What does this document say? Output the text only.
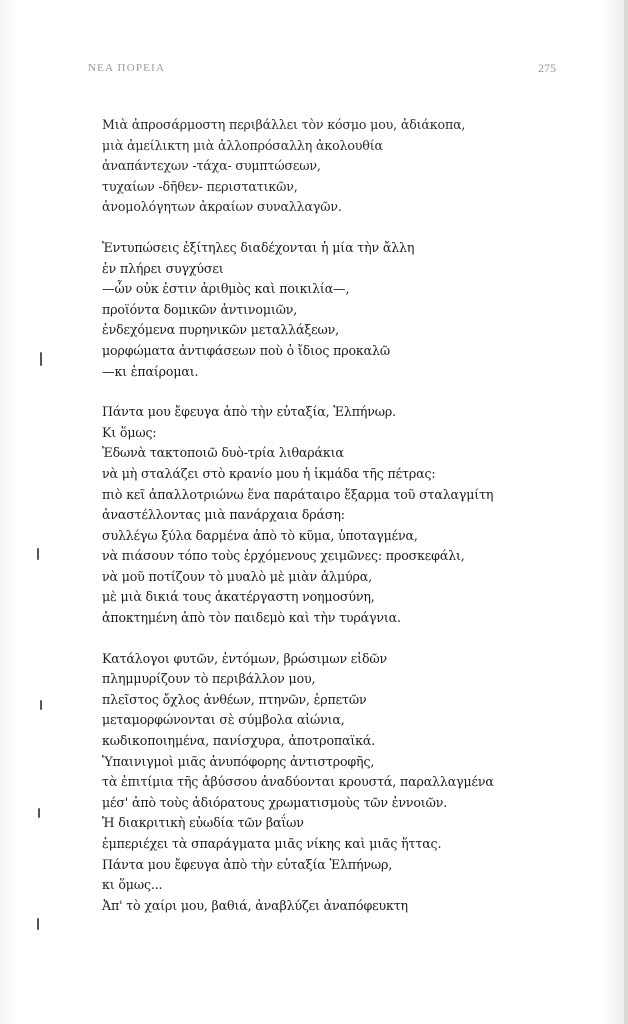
ΝΕΑ ΠΟΡΕΙΑ	275
Μιὰ ἀπροσάρμοστη περιβάλλει τὸν κόσμο μου, ἀδιάκοπα,
μιὰ ἀμείλικτη μιὰ ἀλλοπρόσαλλη ἀκολουθία
ἀναπάντεχων -τάχα- συμπτώσεων,
τυχαίων -δῆθεν- περιστατικῶν,
ἀνομολόγητων ἀκραίων συναλλαγῶν.
Ἐντυπώσεις ἐξίτηλες διαδέχονται ἡ μία τὴν ἄλλη
ἐν πλήρει συγχύσει
—ὧν οὐκ ἐστιν ἀριθμὸς καὶ ποικιλία—,
προϊόντα δομικῶν ἀντινομιῶν,
ἐνδεχόμενα πυρηνικῶν μεταλλάξεων,
μορφώματα ἀντιφάσεων ποὺ ὁ ἴδιος προκαλῶ
—κι ἐπαίρομαι.
Πάντα μου ἔφευγα ἀπὸ τὴν εὐταξία, Ἐλπήνωρ.
Κι ὅμως:
Ἐδωνὰ τακτοποιῶ δυὸ-τρία λιθαράκια
νὰ μὴ σταλάζει στὸ κρανίο μου ἡ ἰκμάδα τῆς πέτρας:
πιὸ κεῖ ἀπαλλοτριώνω ἕνα παράταιρο ἔξαρμα τοῦ σταλαγμίτη
ἀναστέλλοντας μιὰ πανάρχαια δράση:
συλλέγω ξύλα δαρμένα ἀπὸ τὸ κῦμα, ὑποταγμένα,
νὰ πιάσουν τόπο τοὺς ἐρχόμενους χειμῶνες: προσκεφάλι,
νὰ μοῦ ποτίζουν τὸ μυαλὸ μὲ μιὰν ἁλμύρα,
μὲ μιὰ δικιά τους ἀκατέργαστη νοημοσύνη,
ἀποκτημένη ἀπὸ τὸν παιδεμὸ καὶ τὴν τυράγνια.
Κατάλογοι φυτῶν, ἐντόμων, βρώσιμων εἰδῶν
πλημμυρίζουν τὸ περιβάλλον μου,
πλεῖστος ὄχλος ἀνθέων, πτηνῶν, ἑρπετῶν
μεταμορφώνονται σὲ σύμβολα αἰώνια,
κωδικοποιημένα, πανίσχυρα, ἀποτροπαϊκά.
Ὑπαινιγμοὶ μιᾶς ἀνυπόφορης ἀντιστροφῆς,
τὰ ἐπιτίμια τῆς ἀβύσσου ἀναδύονται κρουστά, παραλλαγμένα
μέσ' ἀπὸ τοὺς ἀδιόρατους χρωματισμοὺς τῶν ἐννοιῶν.
Ἡ διακριτικὴ εὐωδία τῶν βαΐων
ἐμπεριέχει τὰ σπαράγματα μιᾶς νίκης καὶ μιᾶς ἥττας.
Πάντα μου ἔφευγα ἀπὸ τὴν εὐταξία Ἐλπήνωρ,
κι ὅμως...
Ἀπ' τὸ χαίρι μου, βαθιά, ἀναβλύζει ἀναπόφευκτη
